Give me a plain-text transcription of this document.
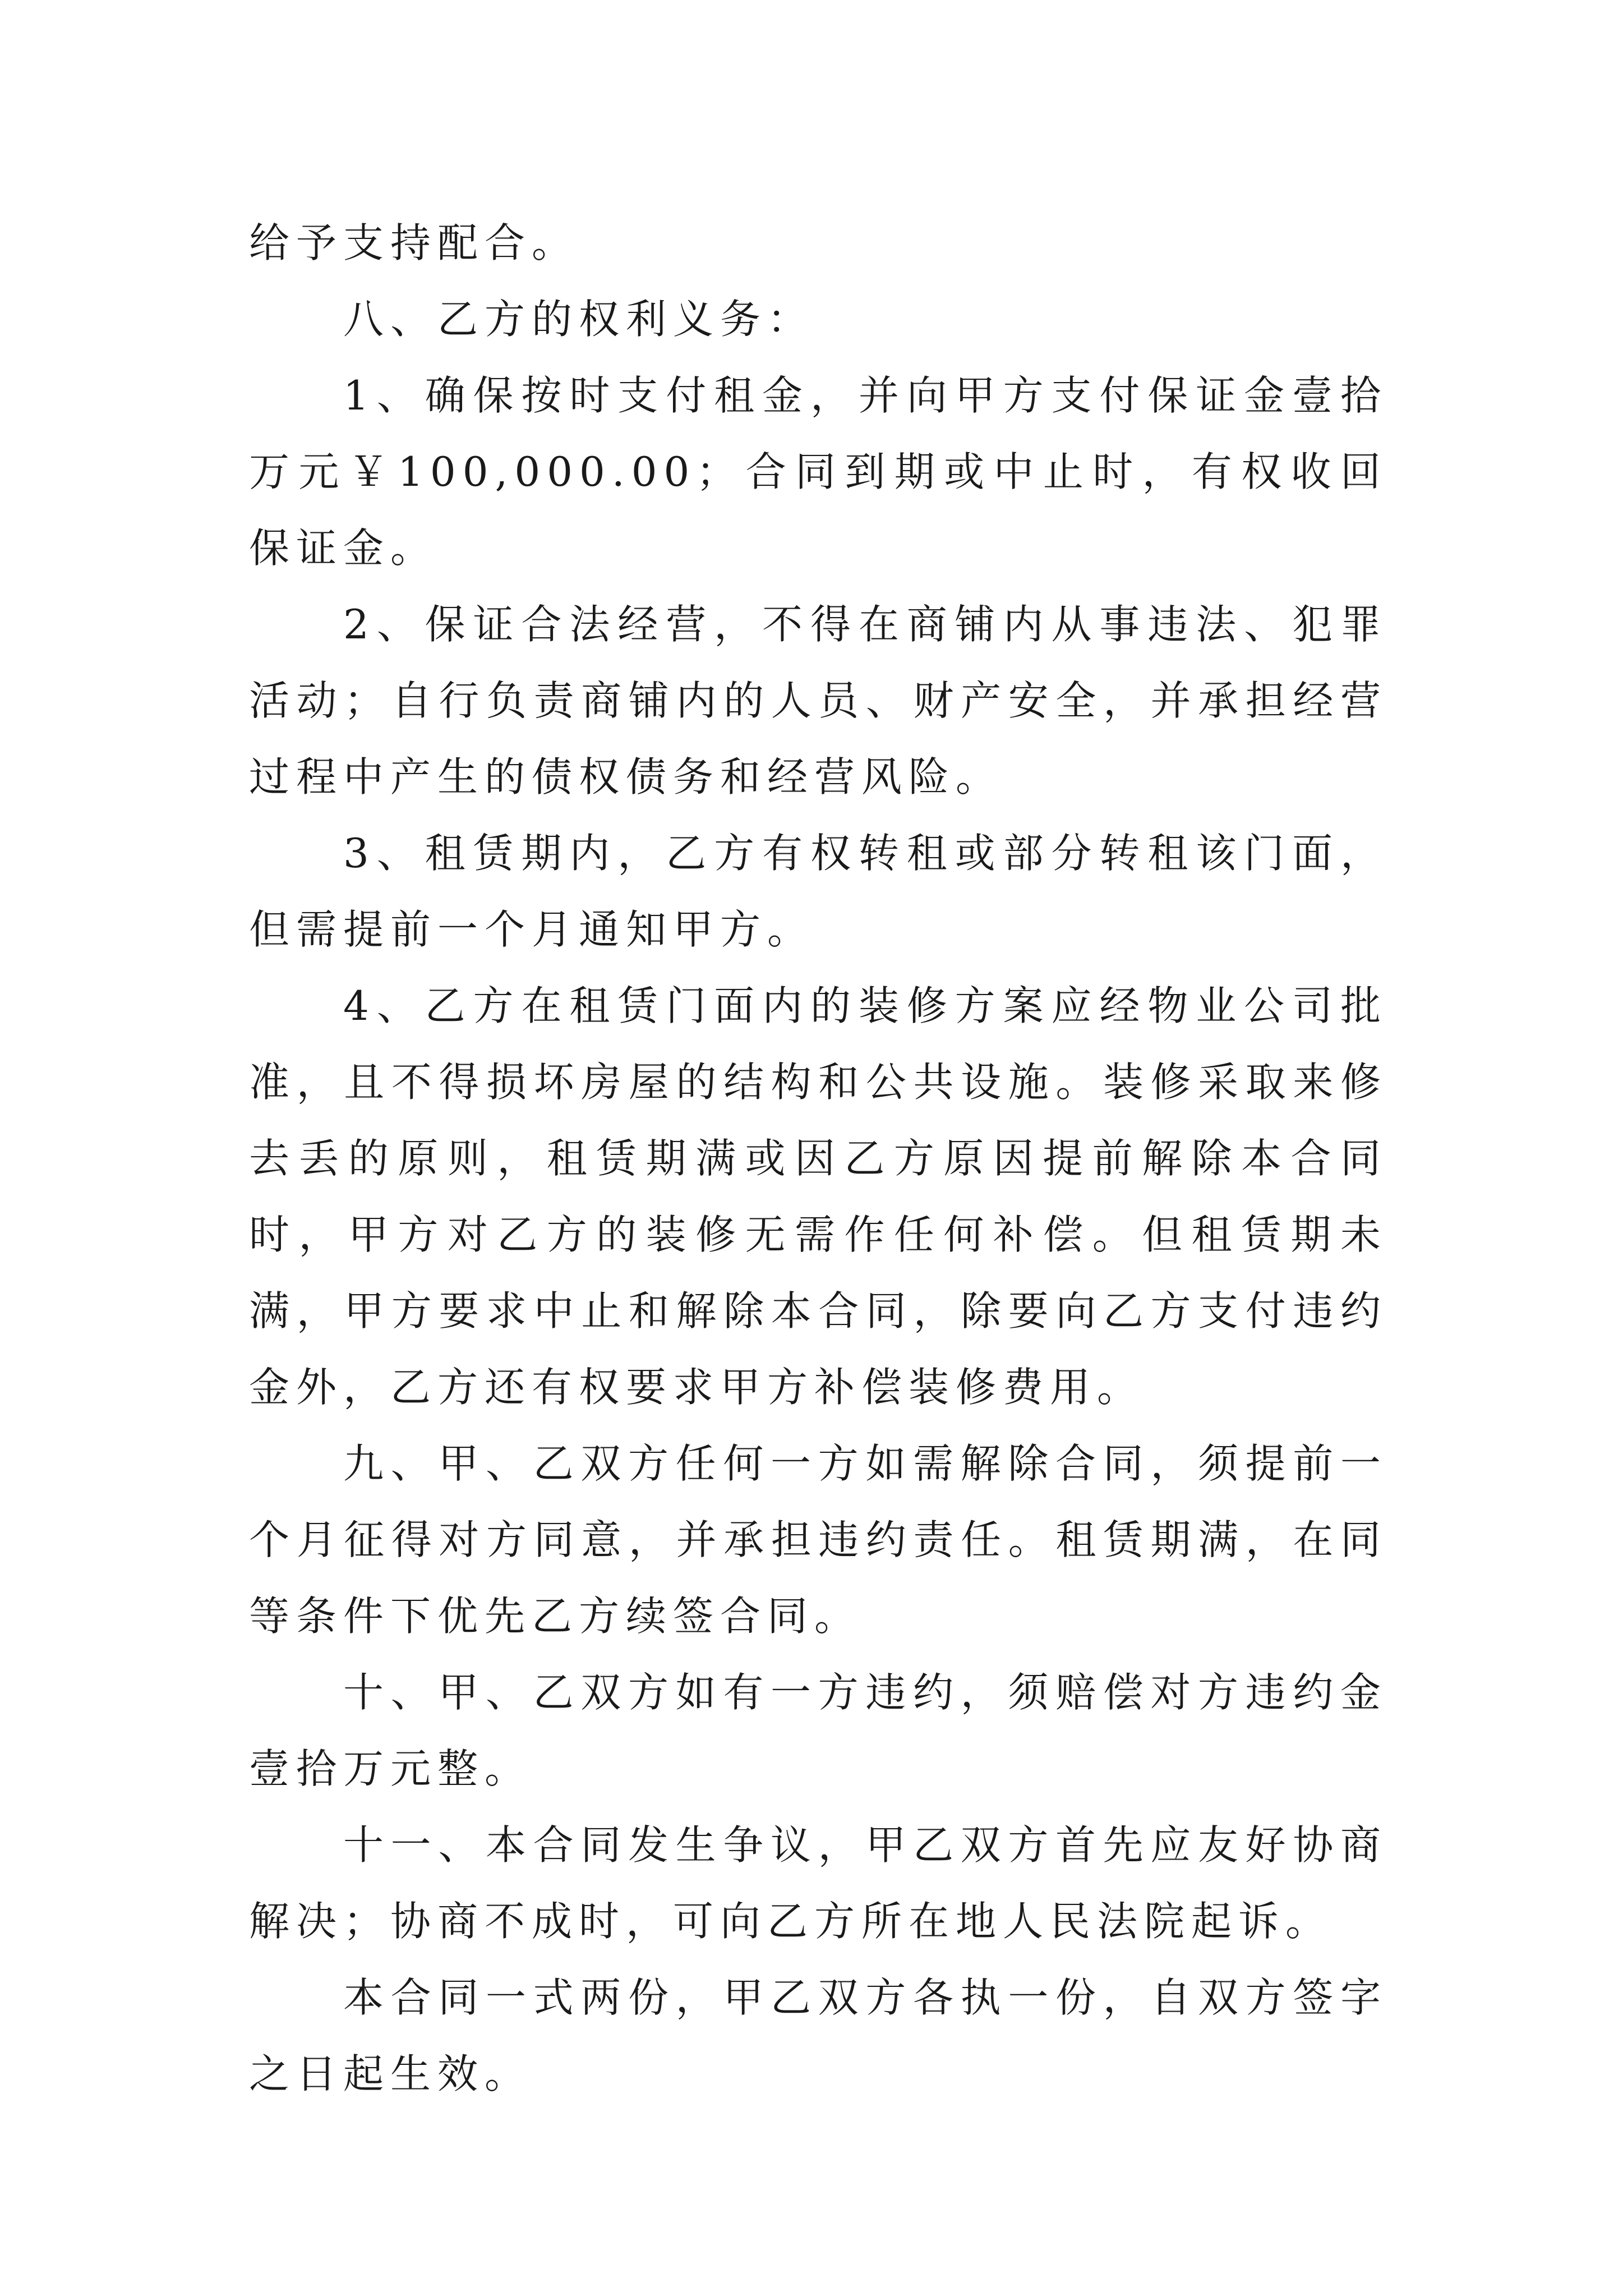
给予支持配合。

八、乙方的权利义务：

1、确保按时支付租金，并向甲方支付保证金壹拾万元￥100,000.00；合同到期或中止时，有权收回保证金。

2、保证合法经营，不得在商铺内从事违法、犯罪活动；自行负责商铺内的人员、财产安全，并承担经营过程中产生的债权债务和经营风险。

3、租赁期内，乙方有权转租或部分转租该门面，但需提前一个月通知甲方。

4、乙方在租赁门面内的装修方案应经物业公司批准，且不得损坏房屋的结构和公共设施。装修采取来修去丢的原则，租赁期满或因乙方原因提前解除本合同时，甲方对乙方的装修无需作任何补偿。但租赁期未满，甲方要求中止和解除本合同，除要向乙方支付违约金外，乙方还有权要求甲方补偿装修费用。

九、甲、乙双方任何一方如需解除合同，须提前一个月征得对方同意，并承担违约责任。租赁期满，在同等条件下优先乙方续签合同。

十、甲、乙双方如有一方违约，须赔偿对方违约金壹拾万元整。

十一、本合同发生争议，甲乙双方首先应友好协商解决；协商不成时，可向乙方所在地人民法院起诉。

本合同一式两份，甲乙双方各执一份，自双方签字之日起生效。
